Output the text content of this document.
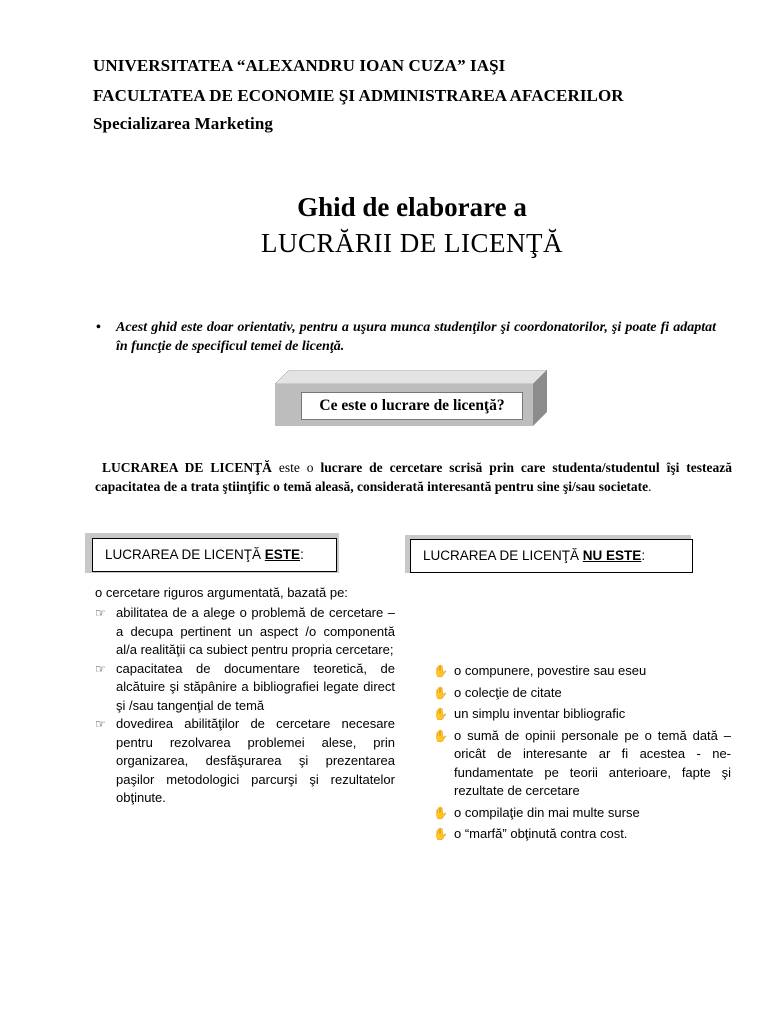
UNIVERSITATEA “ALEXANDRU IOAN CUZA” IAŞI
FACULTATEA DE ECONOMIE ŞI ADMINISTRAREA AFACERILOR
Specializarea Marketing
Ghid de elaborare a
LUCRĂRII DE LICENŢĂ
• Acest ghid este doar orientativ, pentru a uşura munca studenţilor şi coordonatorilor, şi poate fi adaptat în funcţie de specificul temei de licenţă.
Ce este o lucrare de licenţă?
LUCRAREA DE LICENŢĂ este o lucrare de cercetare scrisă prin care studenta/studentul îşi testează capacitatea de a trata ştiinţific o temă aleasă, considerată interesantă pentru sine şi/sau societate.
LUCRAREA DE LICENŢĂ ESTE:	LUCRAREA DE LICENŢĂ NU ESTE:
o cercetare riguros argumentată, bazată pe:
☞ abilitatea de a alege o problemă de cercetare – a decupa pertinent un aspect /o componentă al/a realităţii ca subiect pentru propria cercetare;
☞ capacitatea de documentare teoretică, de alcătuire şi stăpânire a bibliografiei legate direct şi /sau tangenţial de temă
☞ dovedirea abilităţilor de cercetare necesare pentru rezolvarea problemei alese, prin organizarea, desfăşurarea şi prezentarea paşilor metodologici parcurşi şi rezultatelor obţinute.
✋ o compunere, povestire sau eseu
✋ o colecţie de citate
✋ un simplu inventar bibliografic
✋ o sumă de opinii personale pe o temă dată – oricât de interesante ar fi acestea - ne-fundamentate pe teorii anterioare, fapte şi rezultate de cercetare
✋ o compilaţie din mai multe surse
✋ o “marfă” obţinută contra cost.
